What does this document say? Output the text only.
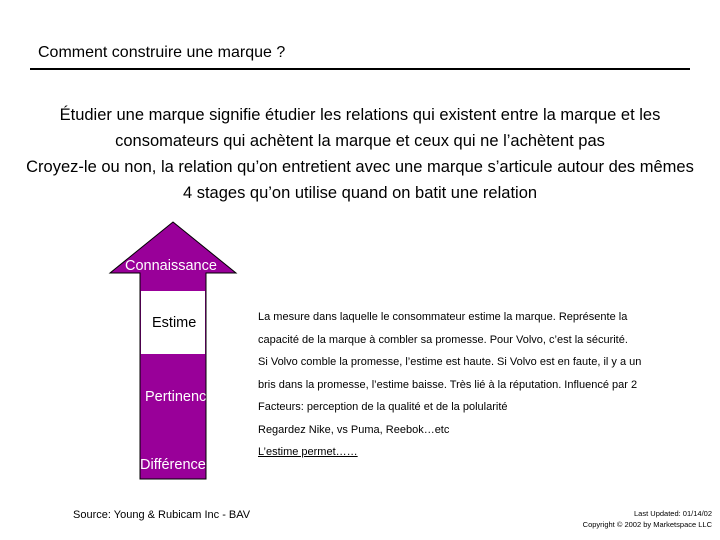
Comment construire une marque ?

Étudier une marque signifie étudier les relations qui existent entre la marque et les consomateurs qui achètent la marque et ceux qui ne l’achètent pas

Croyez-le ou non, la relation qu’on entretient avec une marque s’articule autour des mêmes 4 stages qu’on utilise quand on batit une relation

Connaissance
Estime
Pertinence
Différence

La mesure dans laquelle le consommateur estime la marque. Représente la

capacité de la marque à combler sa promesse. Pour Volvo, c’est la sécurité.

Si Volvo comble la promesse, l’estime est haute. Si Volvo est en faute, il y a un

bris dans la promesse, l’estime baisse. Très lié à la réputation. Influencé par 2

Facteurs: perception de la qualité et de la polularité

Regardez Nike, vs Puma, Reebok…etc

L’estime permet……

Source: Young & Rubicam Inc - BAV	Last Updated: 01/14/02
Copyright © 2002 by Marketspace LLC
